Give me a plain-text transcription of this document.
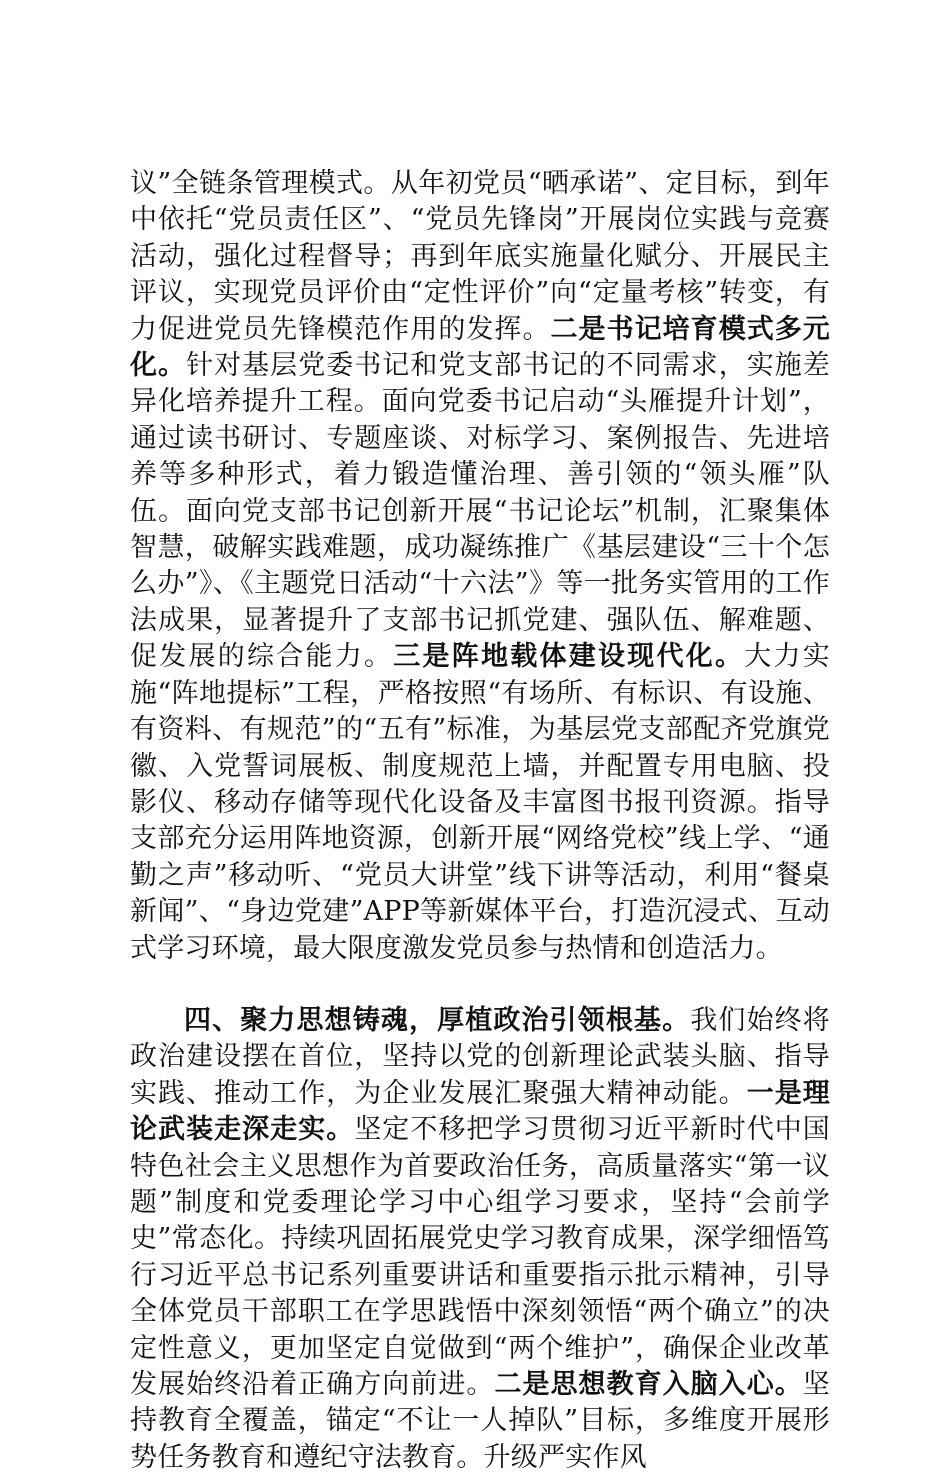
议”全链条管理模式。从年初党员“晒承诺”、定目标，到年中依托“党员责任区”、“党员先锋岗”开展岗位实践与竞赛活动，强化过程督导；再到年底实施量化赋分、开展民主评议，实现党员评价由“定性评价”向“定量考核”转变，有力促进党员先锋模范作用的发挥。二是书记培育模式多元化。针对基层党委书记和党支部书记的不同需求，实施差异化培养提升工程。面向党委书记启动“头雁提升计划”，通过读书研讨、专题座谈、对标学习、案例报告、先进培养等多种形式，着力锻造懂治理、善引领的“领头雁”队伍。面向党支部书记创新开展“书记论坛”机制，汇聚集体智慧，破解实践难题，成功凝练推广《基层建设“三十个怎么办”》、《主题党日活动“十六法”》等一批务实管用的工作法成果，显著提升了支部书记抓党建、强队伍、解难题、促发展的综合能力。三是阵地载体建设现代化。大力实施“阵地提标”工程，严格按照“有场所、有标识、有设施、有资料、有规范”的“五有”标准，为基层党支部配齐党旗党徽、入党誓词展板、制度规范上墙，并配置专用电脑、投影仪、移动存储等现代化设备及丰富图书报刊资源。指导支部充分运用阵地资源，创新开展“网络党校”线上学、“通勤之声”移动听、“党员大讲堂”线下讲等活动，利用“餐桌新闻”、“身边党建”APP等新媒体平台，打造沉浸式、互动式学习环境，最大限度激发党员参与热情和创造活力。

四、聚力思想铸魂，厚植政治引领根基。我们始终将政治建设摆在首位，坚持以党的创新理论武装头脑、指导实践、推动工作，为企业发展汇聚强大精神动能。一是理论武装走深走实。坚定不移把学习贯彻习近平新时代中国特色社会主义思想作为首要政治任务，高质量落实“第一议题”制度和党委理论学习中心组学习要求，坚持“会前学史”常态化。持续巩固拓展党史学习教育成果，深学细悟笃行习近平总书记系列重要讲话和重要指示批示精神，引导全体党员干部职工在学思践悟中深刻领悟“两个确立”的决定性意义，更加坚定自觉做到“两个维护”，确保企业改革发展始终沿着正确方向前进。二是思想教育入脑入心。坚持教育全覆盖，锚定“不让一人掉队”目标，多维度开展形势任务教育和遵纪守法教育。升级严实作风
